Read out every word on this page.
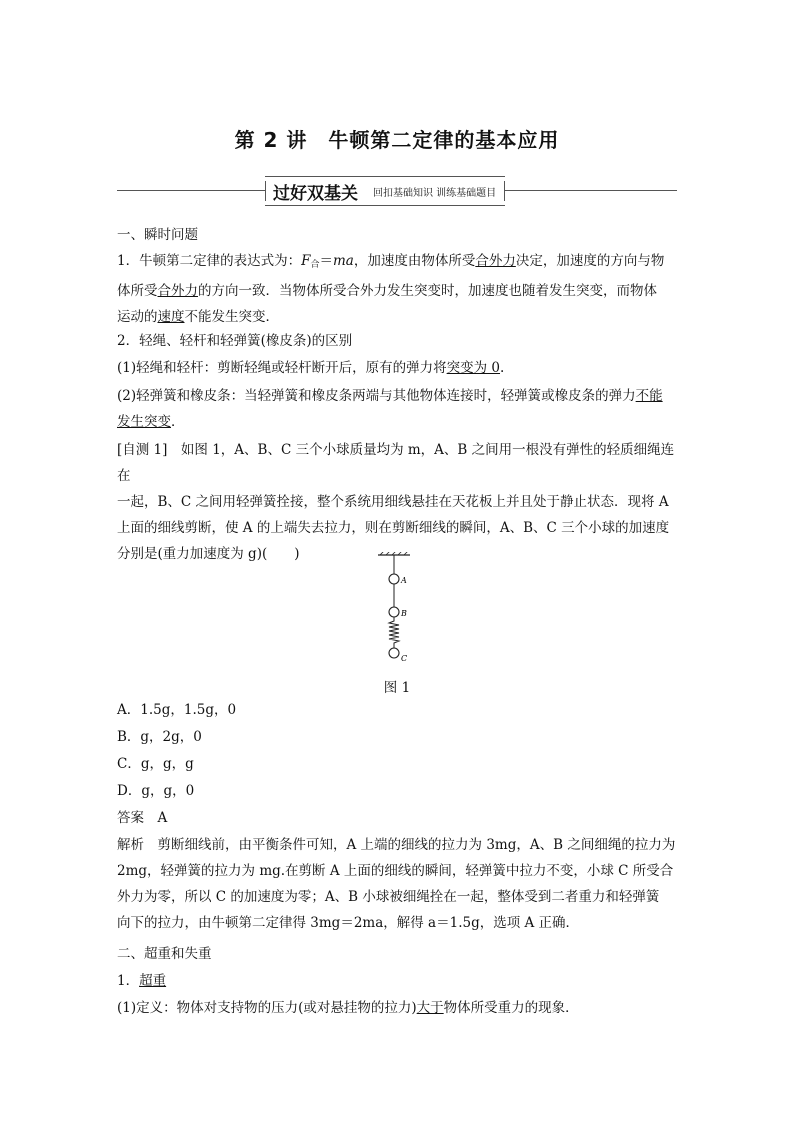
第 2 讲　牛顿第二定律的基本应用
过好双基关 回扣基础知识 训练基础题目
一、瞬时问题

1．牛顿第二定律的表达式为：F合＝ma，加速度由物体所受合外力决定，加速度的方向与物

体所受合外力的方向一致．当物体所受合外力发生突变时，加速度也随着发生突变，而物体

运动的速度不能发生突变．

2．轻绳、轻杆和轻弹簧(橡皮条)的区别

(1)轻绳和轻杆：剪断轻绳或轻杆断开后，原有的弹力将突变为 0.

(2)轻弹簧和橡皮条：当轻弹簧和橡皮条两端与其他物体连接时，轻弹簧或橡皮条的弹力不能

发生突变．

[自测 1]　如图 1，A、B、C 三个小球质量均为 m，A、B 之间用一根没有弹性的轻质细绳连在

一起，B、C 之间用轻弹簧拴接，整个系统用细线悬挂在天花板上并且处于静止状态．现将 A

上面的细线剪断，使 A 的上端失去拉力，则在剪断细线的瞬间，A、B、C 三个小球的加速度

分别是(重力加速度为 g)(　　)

A
B
C
图 1

A．1.5g，1.5g，0

B．g，2g，0

C．g，g，g

D．g，g，0

答案　A

解析　剪断细线前，由平衡条件可知，A 上端的细线的拉力为 3mg，A、B 之间细绳的拉力为

2mg，轻弹簧的拉力为 mg.在剪断 A 上面的细线的瞬间，轻弹簧中拉力不变，小球 C 所受合

外力为零，所以 C 的加速度为零；A、B 小球被细绳拴在一起，整体受到二者重力和轻弹簧

向下的拉力，由牛顿第二定律得 3mg＝2ma，解得 a＝1.5g，选项 A 正确．

二、超重和失重

1．超重

(1)定义：物体对支持物的压力(或对悬挂物的拉力)大于物体所受重力的现象．
